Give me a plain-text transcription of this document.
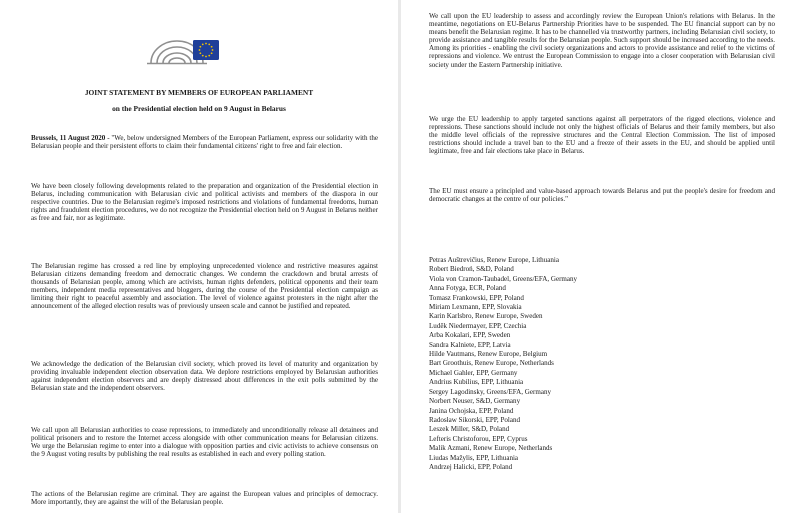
JOINT STATEMENT BY MEMBERS OF EUROPEAN PARLIAMENT
on the Presidential election held on 9 August in Belarus

Brussels, 11 August 2020 - "We, below undersigned Members of the European Parliament, express our solidarity with the Belarusian people and their persistent efforts to claim their fundamental citizens' right to free and fair election.

We have been closely following developments related to the preparation and organization of the Presidential election in Belarus, including communication with Belarusian civic and political activists and members of the diaspora in our respective countries. Due to the Belarusian regime's imposed restrictions and violations of fundamental freedoms, human rights and fraudulent election procedures, we do not recognize the Presidential election held on 9 August in Belarus neither as free and fair, nor as legitimate.

The Belarusian regime has crossed a red line by employing unprecedented violence and restrictive measures against Belarusian citizens demanding freedom and democratic changes. We condemn the crackdown and brutal arrests of thousands of Belarusian people, among which are activists, human rights defenders, political opponents and their team members, independent media representatives and bloggers, during the course of the Presidential election campaign as limiting their right to peaceful assembly and association. The level of violence against protesters in the night after the announcement of the alleged election results was of previously unseen scale and cannot be justified and repeated.

We acknowledge the dedication of the Belarusian civil society, which proved its level of maturity and organization by providing invaluable independent election observation data. We deplore restrictions employed by Belarusian authorities against independent election observers and are deeply distressed about differences in the exit polls submitted by the Belarusian state and the independent observers.

We call upon all Belarusian authorities to cease repressions, to immediately and unconditionally release all detainees and political prisoners and to restore the Internet access alongside with other communication means for Belarusian citizens. We urge the Belarusian regime to enter into a dialogue with opposition parties and civic activists to achieve consensus on the 9 August voting results by publishing the real results as established in each and every polling station.

The actions of the Belarusian regime are criminal. They are against the European values and principles of democracy. More importantly, they are against the will of the Belarusian people.

We call upon the EU leadership to assess and accordingly review the European Union's relations with Belarus. In the meantime, negotiations on EU-Belarus Partnership Priorities have to be suspended. The EU financial support can by no means benefit the Belarusian regime. It has to be channelled via trustworthy partners, including Belarusian civil society, to provide assistance and tangible results for the Belarusian people. Such support should be increased according to the needs. Among its priorities - enabling the civil society organizations and actors to provide assistance and relief to the victims of repressions and violence. We entrust the European Commission to engage into a closer cooperation with Belarusian civil society under the Eastern Partnership initiative.

We urge the EU leadership to apply targeted sanctions against all perpetrators of the rigged elections, violence and repressions. These sanctions should include not only the highest officials of Belarus and their family members, but also the middle level officials of the repressive structures and the Central Election Commission. The list of imposed restrictions should include a travel ban to the EU and a freeze of their assets in the EU, and should be applied until legitimate, free and fair elections take place in Belarus.

The EU must ensure a principled and value-based approach towards Belarus and put the people's desire for freedom and democratic changes at the centre of our policies."

Petras Auštrevičius, Renew Europe, Lithuania
Robert Biedroń, S&D, Poland
Viola von Cramon-Taubadel, Greens/EFA, Germany
Anna Fotyga, ECR, Poland
Tomasz Frankowski, EPP, Poland
Miriam Lexmann, EPP, Slovakia
Karin Karlsbro, Renew Europe, Sweden
Luděk Niedermayer, EPP, Czechia
Arba Kokalari, EPP, Sweden
Sandra Kalniete, EPP, Latvia
Hilde Vautmans, Renew Europe, Belgium
Bart Groothuis, Renew Europe, Netherlands
Michael Gahler, EPP, Germany
Andrius Kubilius, EPP, Lithuania
Sergey Lagodinsky, Greens/EFA, Germany
Norbert Neuser, S&D, Germany
Janina Ochojska, EPP, Poland
Radosław Sikorski, EPP, Poland
Leszek Miller, S&D, Poland
Lefteris Christoforou, EPP, Cyprus
Malik Azmani, Renew Europe, Netherlands
Liudas Mažylis, EPP, Lithuania
Andrzej Halicki, EPP, Poland
